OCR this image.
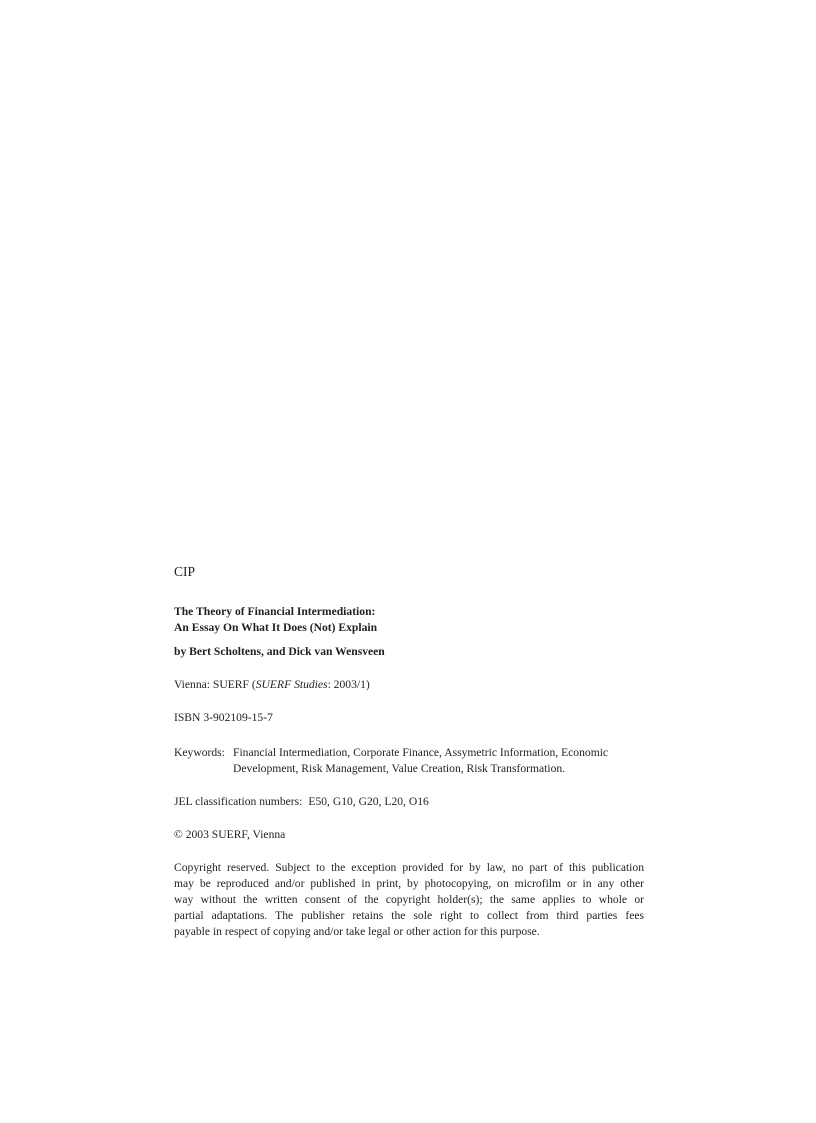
CIP
The Theory of Financial Intermediation:
An Essay On What It Does (Not) Explain
by Bert Scholtens, and Dick van Wensveen
Vienna: SUERF (SUERF Studies: 2003/1)
ISBN 3-902109-15-7
Keywords: Financial Intermediation, Corporate Finance, Assymetric Information, Economic
Development, Risk Management, Value Creation, Risk Transformation.
JEL classification numbers: E50, G10, G20, L20, O16
© 2003 SUERF, Vienna
Copyright reserved. Subject to the exception provided for by law, no part of this publication
may be reproduced and/or published in print, by photocopying, on microfilm or in any other
way without the written consent of the copyright holder(s); the same applies to whole or
partial adaptations. The publisher retains the sole right to collect from third parties fees
payable in respect of copying and/or take legal or other action for this purpose.
